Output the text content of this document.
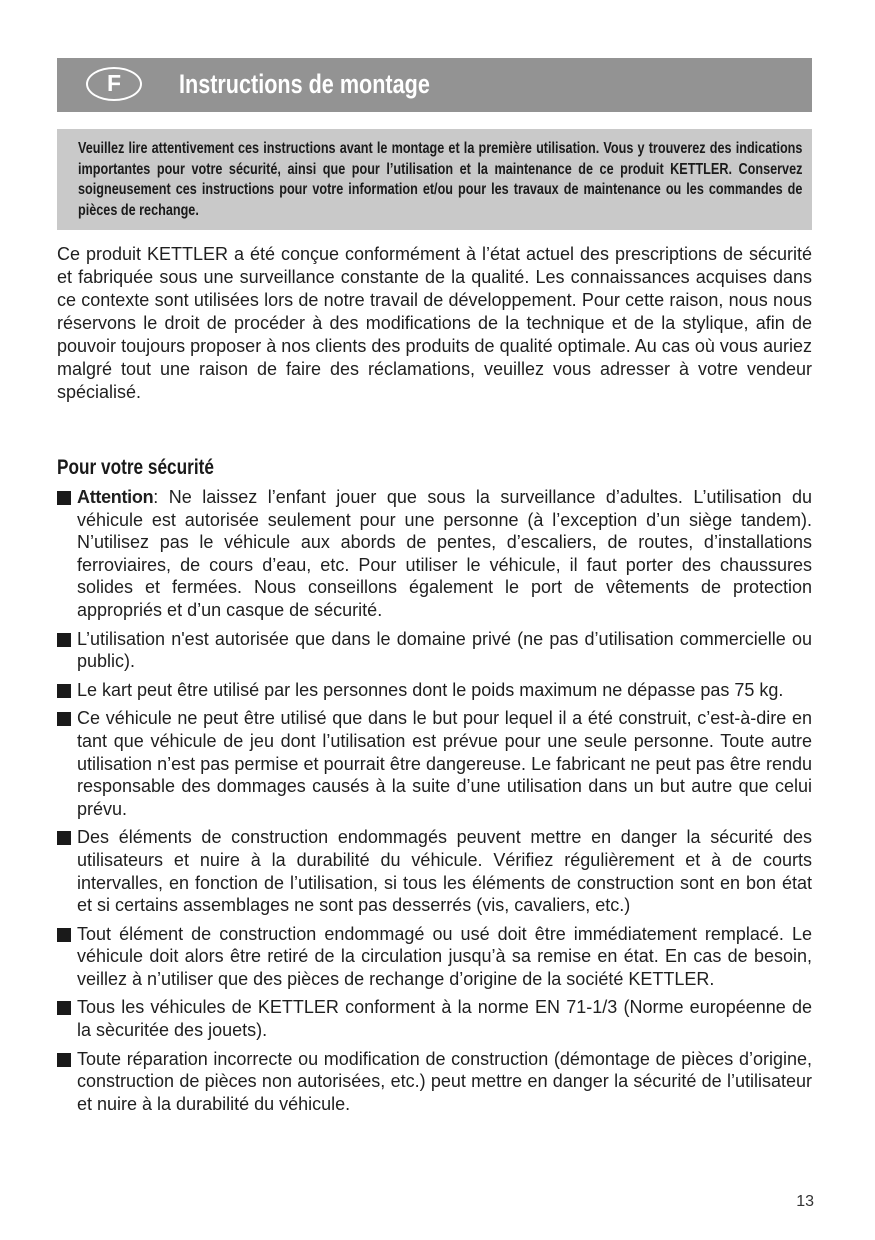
F	Instructions de montage

Veuillez lire attentivement ces instructions avant le montage et la première utilisation. Vous y trouverez des indications importantes pour votre sécurité, ainsi que pour l’utilisation et la maintenance de ce produit KETTLER. Conservez soigneusement ces instructions pour votre information et/ou pour les travaux de maintenance ou les commandes de pièces de rechange.

Ce produit KETTLER a été conçue conformément à l’état actuel des prescriptions de sécurité et fabriquée sous une surveillance constante de la qualité. Les connaissances acquises dans ce contexte sont utilisées lors de notre travail de développement. Pour cette raison, nous nous réservons le droit de procéder à des modifications de la technique et de la stylique, afin de pouvoir toujours proposer à nos clients des produits de qualité optimale. Au cas où vous auriez malgré tout une raison de faire des réclamations, veuillez vous adresser à votre vendeur spécialisé.

Pour votre sécurité
Attention: Ne laissez l’enfant jouer que sous la surveillance d’adultes. L’utilisation du véhicule est autorisée seulement pour une personne (à l’exception d’un siège tandem). N’utilisez pas le véhicule aux abords de pentes, d’escaliers, de routes, d’installations ferroviaires, de cours d’eau, etc. Pour utiliser le véhicule, il faut porter des chaussures solides et fermées. Nous conseillons également le port de vêtements de protection appropriés et d’un casque de sécurité.
L’utilisation n'est autorisée que dans le domaine privé (ne pas d’utilisation commercielle ou public).
Le kart peut être utilisé par les personnes dont le poids maximum ne dépasse pas 75 kg.
Ce véhicule ne peut être utilisé que dans le but pour lequel il a été construit, c’est-à-dire en tant que véhicule de jeu dont l’utilisation est prévue pour une seule personne. Toute autre utilisation n’est pas permise et pourrait être dangereuse. Le fabricant ne peut pas être rendu responsable des dommages causés à la suite d’une utilisation dans un but autre que celui prévu.
Des éléments de construction endommagés peuvent mettre en danger la sécurité des utilisateurs et nuire à la durabilité du véhicule. Vérifiez régulièrement et à de courts intervalles, en fonction de l’utilisation, si tous les éléments de construction sont en bon état et si certains assemblages ne sont pas desserrés (vis, cavaliers, etc.)
Tout élément de construction endommagé ou usé doit être immédiatement remplacé. Le véhicule doit alors être retiré de la circulation jusqu’à sa remise en état. En cas de besoin, veillez à n’utiliser que des pièces de rechange d’origine de la société KETTLER.
Tous les véhicules de KETTLER conforment à la norme EN 71-1/3 (Norme européenne de la sècuritée des jouets).
Toute réparation incorrecte ou modification de construction (démontage de pièces d’origine, construction de pièces non autorisées, etc.) peut mettre en danger la sécurité de l’utilisateur et nuire à la durabilité du véhicule.
13
